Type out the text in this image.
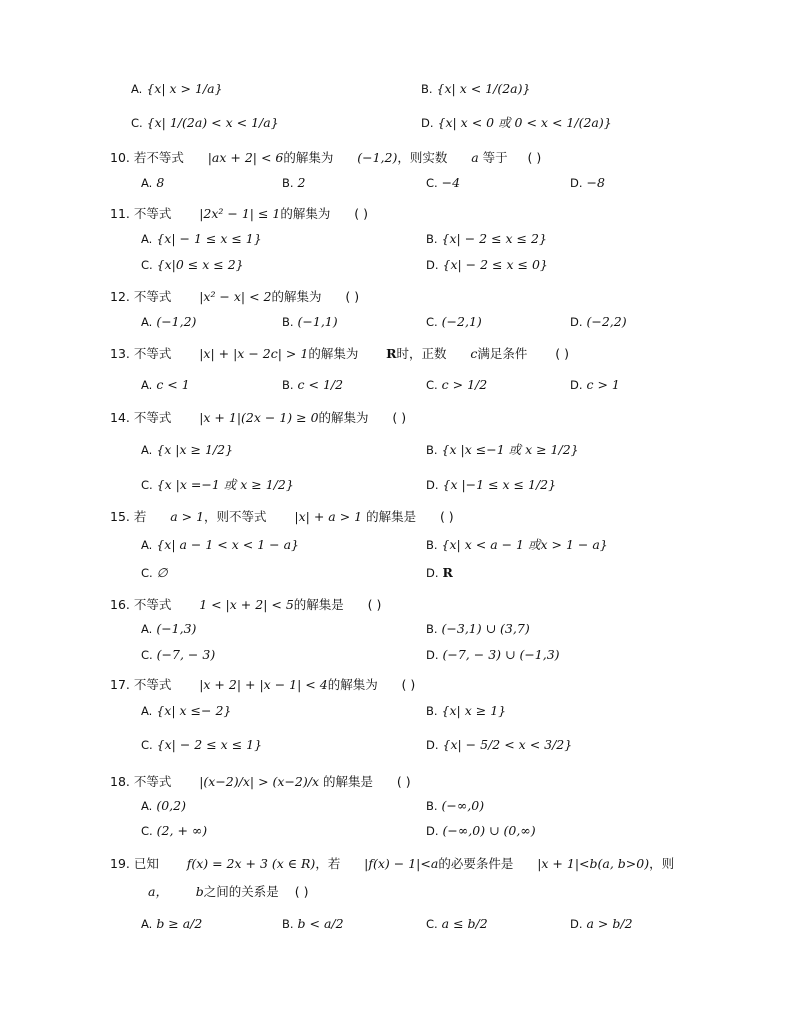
A. {x| x > 1/a}	B. {x| x < 1/(2a)}
C. {x| 1/(2a) < x < 1/a}	D. {x| x < 0 或 0 < x < 1/(2a)}
10. 若不等式 |ax + 2| < 6的解集为 (−1,2)，则实数 a 等于 ( )
A. 8	B. 2	C. −4	D. −8
11. 不等式 |2x² − 1| ≤ 1的解集为 ( )
A. {x| − 1 ≤ x ≤ 1}	B. {x| − 2 ≤ x ≤ 2}
C. {x|0 ≤ x ≤ 2}	D. {x| − 2 ≤ x ≤ 0}
12. 不等式 |x² − x| < 2的解集为 ( )
A. (−1,2)	B. (−1,1)	C. (−2,1)	D. (−2,2)
13. 不等式 |x| + |x − 2c| > 1的解集为 R时，正数 c满足条件 ( )
A. c < 1	B. c < 1/2	C. c > 1/2	D. c > 1
14. 不等式 |x + 1|(2x − 1) ≥ 0的解集为 ( )
A. {x |x ≥ 1/2}	B. {x |x ≤−1 或 x ≥ 1/2}
C. {x |x =−1 或 x ≥ 1/2}	D. {x |−1 ≤ x ≤ 1/2}
15. 若 a > 1，则不等式 |x| + a > 1 的解集是 ( )
A. {x| a − 1 < x < 1 − a}	B. {x| x < a − 1 或x > 1 − a}
C. ∅	D. R
16. 不等式 1 < |x + 2| < 5的解集是 ( )
A. (−1,3)	B. (−3,1) ∪ (3,7)
C. (−7, − 3)	D. (−7, − 3) ∪ (−1,3)
17. 不等式 |x + 2| + |x − 1| < 4的解集为 ( )
A. {x| x ≤− 2}	B. {x| x ≥ 1}
C. {x| − 2 ≤ x ≤ 1}	D. {x| − 5/2 < x < 3/2}
18. 不等式 |(x−2)/x| > (x−2)/x 的解集是 ( )
A. (0,2)	B. (−∞,0)
C. (2, + ∞)	D. (−∞,0) ∪ (0,∞)
19. 已知 f(x) = 2x + 3 (x ∈ R)，若 |f(x) − 1|<a的必要条件是 |x + 1|<b(a, b>0)，则
a， b之间的关系是 ( )
A. b ≥ a/2	B. b < a/2	C. a ≤ b/2	D. a > b/2
